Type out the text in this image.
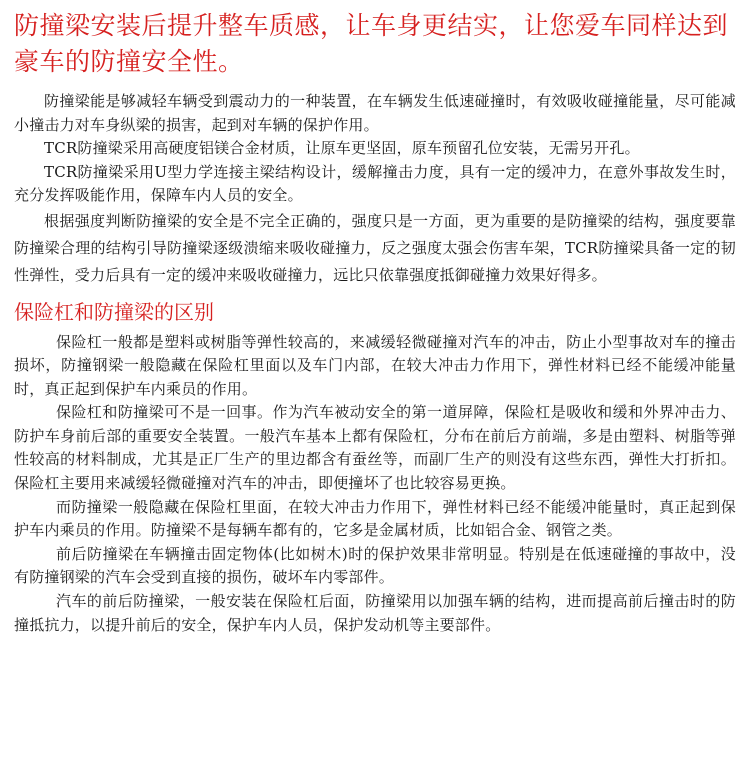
防撞梁安装后提升整车质感，让车身更结实，让您爱车同样达到豪车的防撞安全性。

防撞梁能是够减轻车辆受到震动力的一种装置，在车辆发生低速碰撞时，有效吸收碰撞能量，尽可能减小撞击力对车身纵梁的损害，起到对车辆的保护作用。

TCR防撞梁采用高硬度铝镁合金材质，让原车更坚固，原车预留孔位安装，无需另开孔。

TCR防撞梁采用U型力学连接主梁结构设计，缓解撞击力度，具有一定的缓冲力，在意外事故发生时，充分发挥吸能作用，保障车内人员的安全。

根据强度判断防撞梁的安全是不完全正确的，强度只是一方面，更为重要的是防撞梁的结构，强度要靠防撞梁合理的结构引导防撞梁逐级溃缩来吸收碰撞力，反之强度太强会伤害车架，TCR防撞梁具备一定的韧性弹性，受力后具有一定的缓冲来吸收碰撞力，远比只依靠强度抵御碰撞力效果好得多。

保险杠和防撞梁的区别

保险杠一般都是塑料或树脂等弹性较高的，来减缓轻微碰撞对汽车的冲击，防止小型事故对车的撞击损坏，防撞钢梁一般隐藏在保险杠里面以及车门内部，在较大冲击力作用下，弹性材料已经不能缓冲能量时，真正起到保护车内乘员的作用。

保险杠和防撞梁可不是一回事。作为汽车被动安全的第一道屏障，保险杠是吸收和缓和外界冲击力、防护车身前后部的重要安全装置。一般汽车基本上都有保险杠，分布在前后方前端，多是由塑料、树脂等弹性较高的材料制成，尤其是正厂生产的里边都含有蚕丝等，而副厂生产的则没有这些东西，弹性大打折扣。保险杠主要用来减缓轻微碰撞对汽车的冲击，即便撞坏了也比较容易更换。

而防撞梁一般隐藏在保险杠里面，在较大冲击力作用下，弹性材料已经不能缓冲能量时，真正起到保护车内乘员的作用。防撞梁不是每辆车都有的，它多是金属材质，比如铝合金、钢管之类。

前后防撞梁在车辆撞击固定物体(比如树木)时的保护效果非常明显。特别是在低速碰撞的事故中，没有防撞钢梁的汽车会受到直接的损伤，破坏车内零部件。

汽车的前后防撞梁，一般安装在保险杠后面，防撞梁用以加强车辆的结构，进而提高前后撞击时的防撞抵抗力，以提升前后的安全，保护车内人员，保护发动机等主要部件。
